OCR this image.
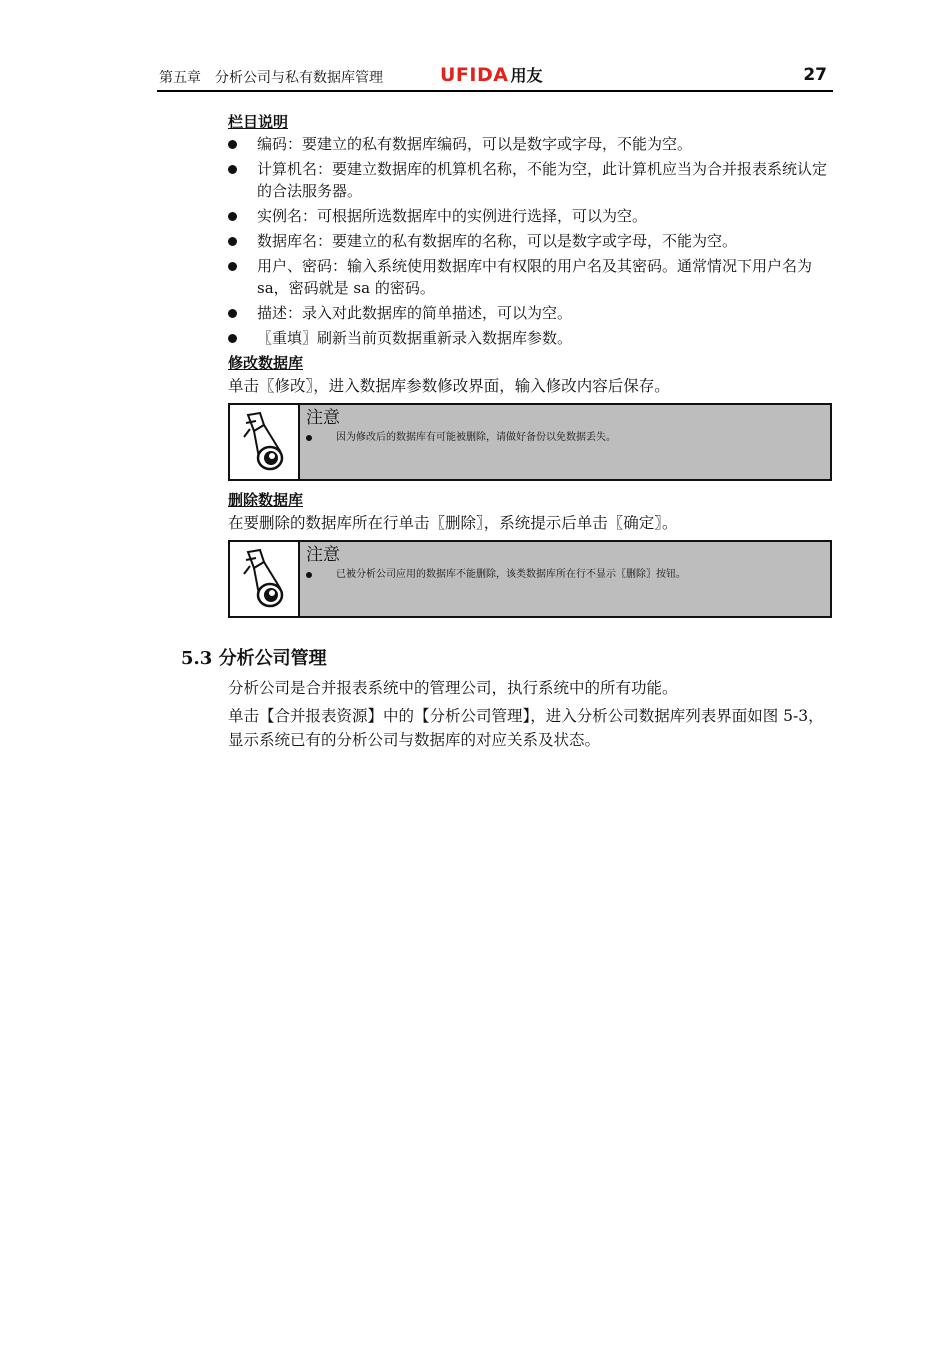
第五章　分析公司与私有数据库管理	UFIDA 用友	27
栏目说明
编码：要建立的私有数据库编码，可以是数字或字母，不能为空。
计算机名：要建立数据库的机算机名称，不能为空，此计算机应当为合并报表系统认定的合法服务器。
实例名：可根据所选数据库中的实例进行选择，可以为空。
数据库名：要建立的私有数据库的名称，可以是数字或字母，不能为空。
用户、密码：输入系统使用数据库中有权限的用户名及其密码。通常情况下用户名为 sa，密码就是 sa 的密码。
描述：录入对此数据库的简单描述，可以为空。
〖重填〗刷新当前页数据重新录入数据库参数。
修改数据库
单击〖修改〗，进入数据库参数修改界面，输入修改内容后保存。
注意
因为修改后的数据库有可能被删除，请做好备份以免数据丢失。
删除数据库
在要删除的数据库所在行单击〖删除〗，系统提示后单击〖确定〗。
注意
已被分析公司应用的数据库不能删除，该类数据库所在行不显示〖删除〗按钮。
5.3 分析公司管理
分析公司是合并报表系统中的管理公司，执行系统中的所有功能。
单击【合并报表资源】中的【分析公司管理】，进入分析公司数据库列表界面如图 5-3，显示系统已有的分析公司与数据库的对应关系及状态。
